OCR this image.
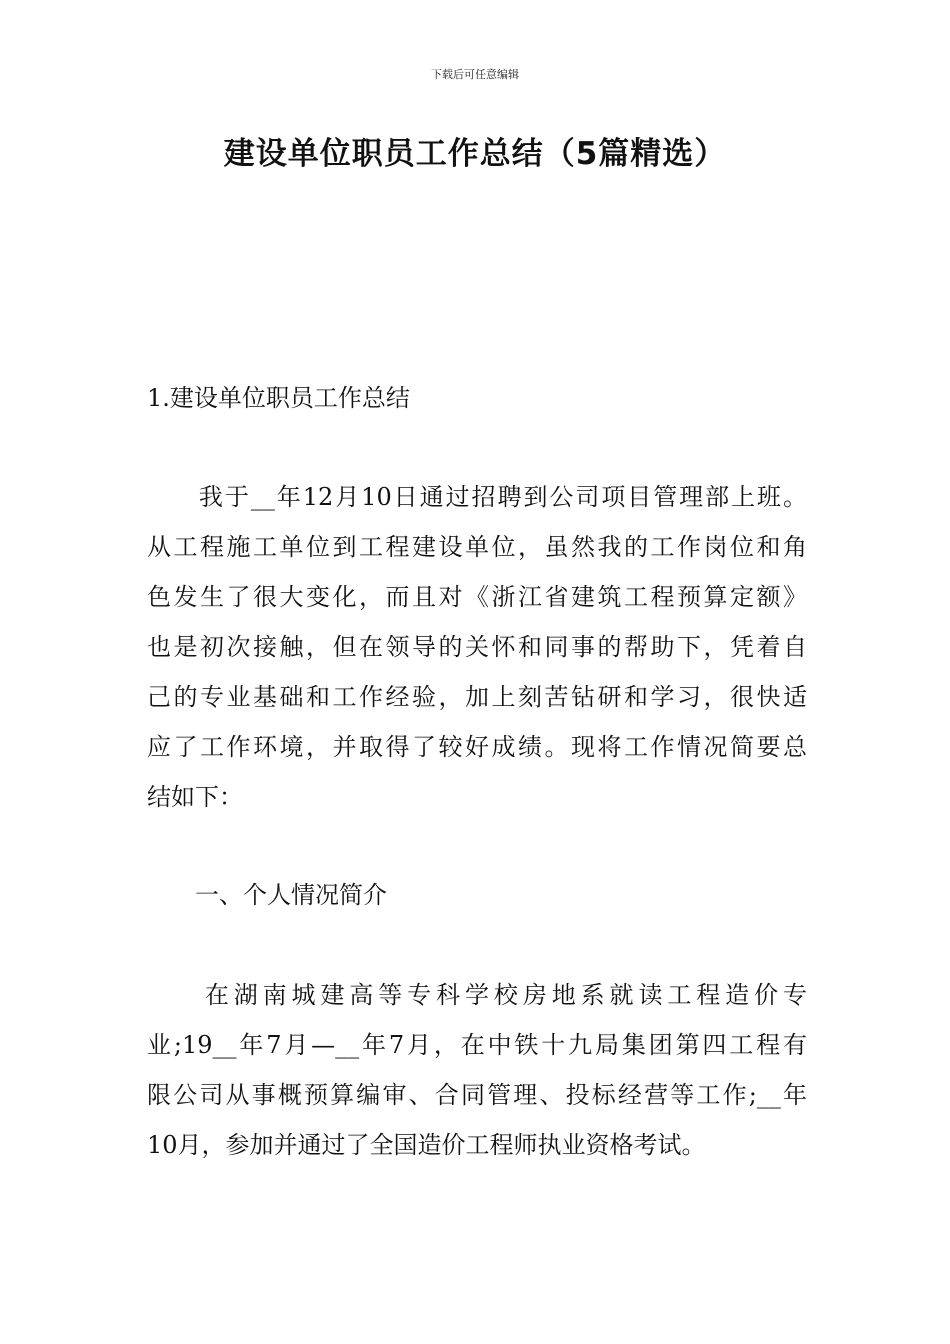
下载后可任意编辑
建设单位职员工作总结（5篇精选）

1.建设单位职员工作总结

　　我于__年12月10日通过招聘到公司项目管理部上班。
从工程施工单位到工程建设单位，虽然我的工作岗位和角
色发生了很大变化，而且对《浙江省建筑工程预算定额》
也是初次接触，但在领导的关怀和同事的帮助下，凭着自
己的专业基础和工作经验，加上刻苦钻研和学习，很快适
应了工作环境，并取得了较好成绩。现将工作情况简要总
结如下：

　　一、个人情况简介

　　在湖南城建高等专科学校房地系就读工程造价专
业;19__年7月—__年7月，在中铁十九局集团第四工程有
限公司从事概预算编审、合同管理、投标经营等工作;__年
10月，参加并通过了全国造价工程师执业资格考试。
